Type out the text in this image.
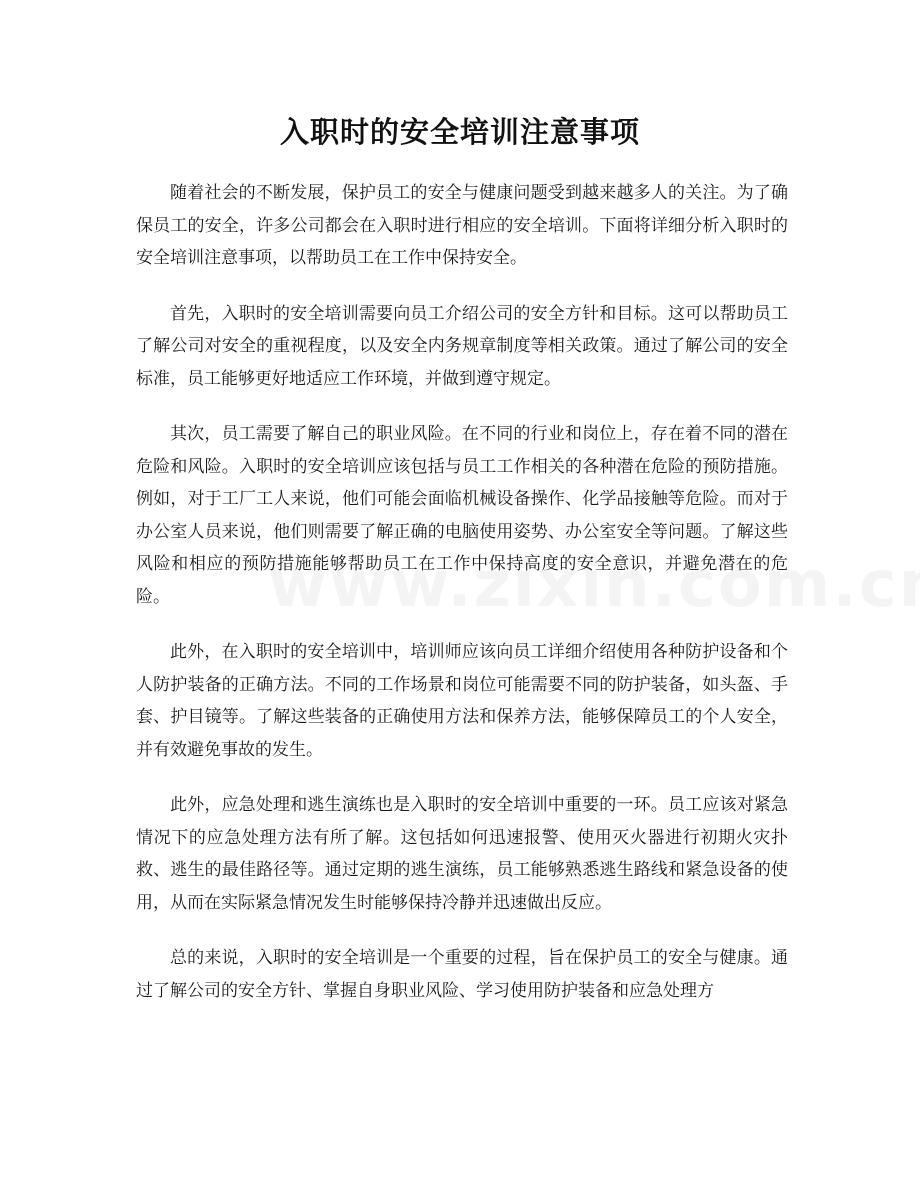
入职时的安全培训注意事项

随着社会的不断发展，保护员工的安全与健康问题受到越来越多人的关注。为了确保员工的安全，许多公司都会在入职时进行相应的安全培训。下面将详细分析入职时的安全培训注意事项，以帮助员工在工作中保持安全。

首先，入职时的安全培训需要向员工介绍公司的安全方针和目标。这可以帮助员工了解公司对安全的重视程度，以及安全内务规章制度等相关政策。通过了解公司的安全标准，员工能够更好地适应工作环境，并做到遵守规定。

其次，员工需要了解自己的职业风险。在不同的行业和岗位上，存在着不同的潜在危险和风险。入职时的安全培训应该包括与员工工作相关的各种潜在危险的预防措施。例如，对于工厂工人来说，他们可能会面临机械设备操作、化学品接触等危险。而对于办公室人员来说，他们则需要了解正确的电脑使用姿势、办公室安全等问题。了解这些风险和相应的预防措施能够帮助员工在工作中保持高度的安全意识，并避免潜在的危险。

此外，在入职时的安全培训中，培训师应该向员工详细介绍使用各种防护设备和个人防护装备的正确方法。不同的工作场景和岗位可能需要不同的防护装备，如头盔、手套、护目镜等。了解这些装备的正确使用方法和保养方法，能够保障员工的个人安全，并有效避免事故的发生。

此外，应急处理和逃生演练也是入职时的安全培训中重要的一环。员工应该对紧急情况下的应急处理方法有所了解。这包括如何迅速报警、使用灭火器进行初期火灾扑救、逃生的最佳路径等。通过定期的逃生演练，员工能够熟悉逃生路线和紧急设备的使用，从而在实际紧急情况发生时能够保持冷静并迅速做出反应。

总的来说，入职时的安全培训是一个重要的过程，旨在保护员工的安全与健康。通过了解公司的安全方针、掌握自身职业风险、学习使用防护装备和应急处理方
